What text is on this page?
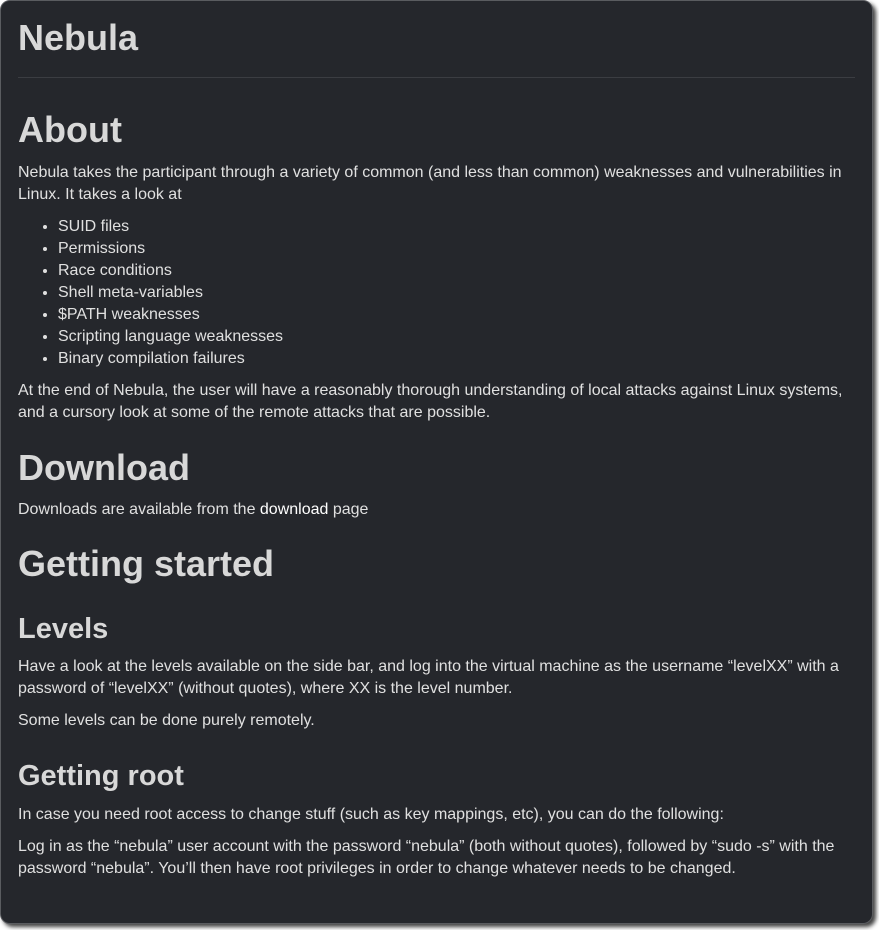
Nebula
About

Nebula takes the participant through a variety of common (and less than common) weaknesses and vulnerabilities in Linux. It takes a look at

• SUID files
• Permissions
• Race conditions
• Shell meta-variables
• $PATH weaknesses
• Scripting language weaknesses
• Binary compilation failures

At the end of Nebula, the user will have a reasonably thorough understanding of local attacks against Linux systems, and a cursory look at some of the remote attacks that are possible.

Download

Downloads are available from the download page

Getting started
Levels

Have a look at the levels available on the side bar, and log into the virtual machine as the username “levelXX” with a password of “levelXX” (without quotes), where XX is the level number.

Some levels can be done purely remotely.

Getting root

In case you need root access to change stuff (such as key mappings, etc), you can do the following:

Log in as the “nebula” user account with the password “nebula” (both without quotes), followed by “sudo -s” with the password “nebula”. You’ll then have root privileges in order to change whatever needs to be changed.
